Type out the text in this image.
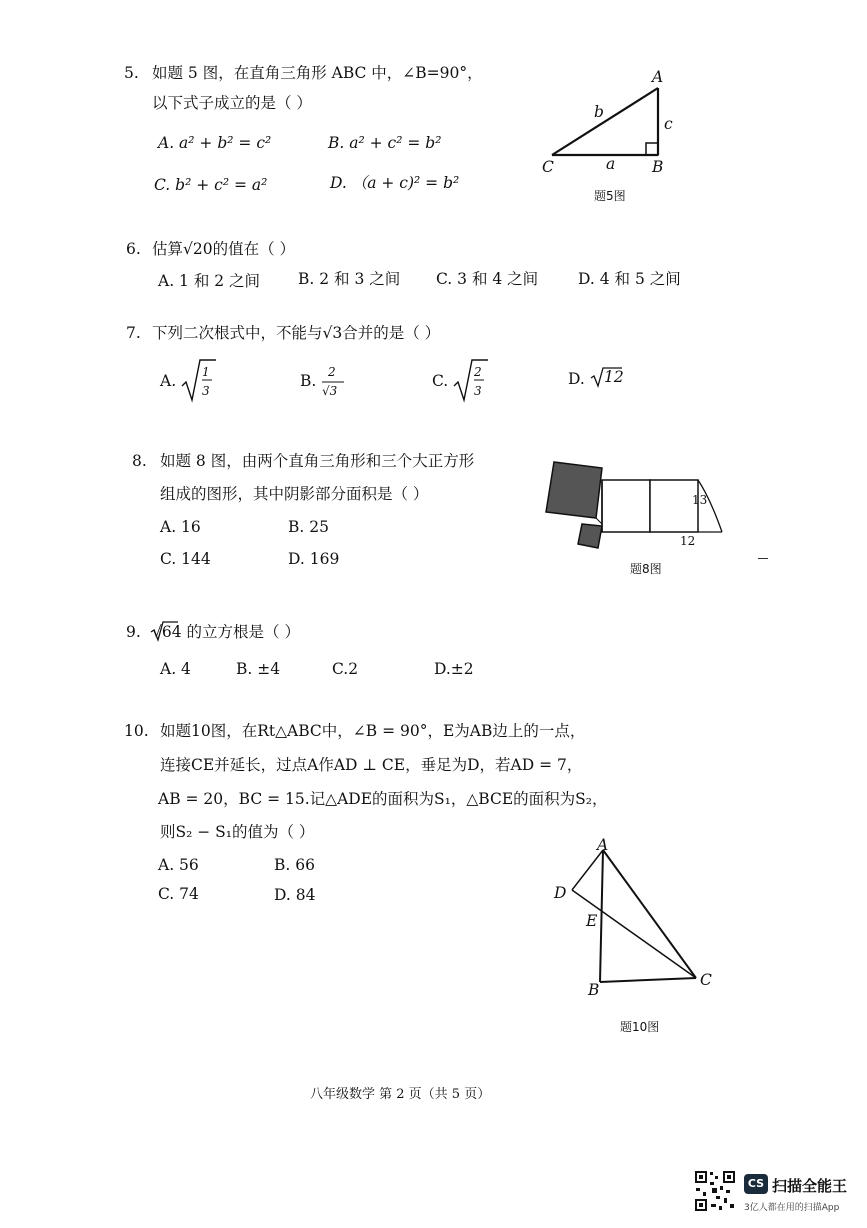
5. 如题 5 图，在直角三角形 ABC 中，∠B=90°，
以下式子成立的是（ ）
A. a² + b² = c²	B. a² + c² = b²
C. b² + c² = a²	D. （a + c)² = b²
A
B
C	a
b
c
题5图
6. 估算√20的值在（ ）
A. 1 和 2 之间 B. 2 和 3 之间 C. 3 和 4 之间	D. 4 和 5 之间
7. 下列二次根式中，不能与√3合并的是（ ）
A. 1
3
B. 2
√3
C. 2
3
D. 12
8. 如题 8 图，由两个直角三角形和三个大正方形
组成的图形，其中阴影部分面积是（ ）
A. 16	B. 25
C. 144	D. 169
13
12
题8图
9. √64 的立方根是（ ）
A. 4	B. ±4	C.2	D.±2
10. 如题10图，在Rt△ABC中，∠B = 90°，E为AB边上的一点，
连接CE并延长，过点A作AD ⊥ CE，垂足为D，若AD = 7，
AB = 20，BC = 15.记△ADE的面积为S₁，△BCE的面积为S₂，
则S₂ − S₁的值为（ ）
A. 56	B. 66
C. 74	D. 84
A
B
C
D
E
题10图
八年级数学 第 2 页（共 5 页）
CS 扫描全能王
3亿人都在用的扫描App
